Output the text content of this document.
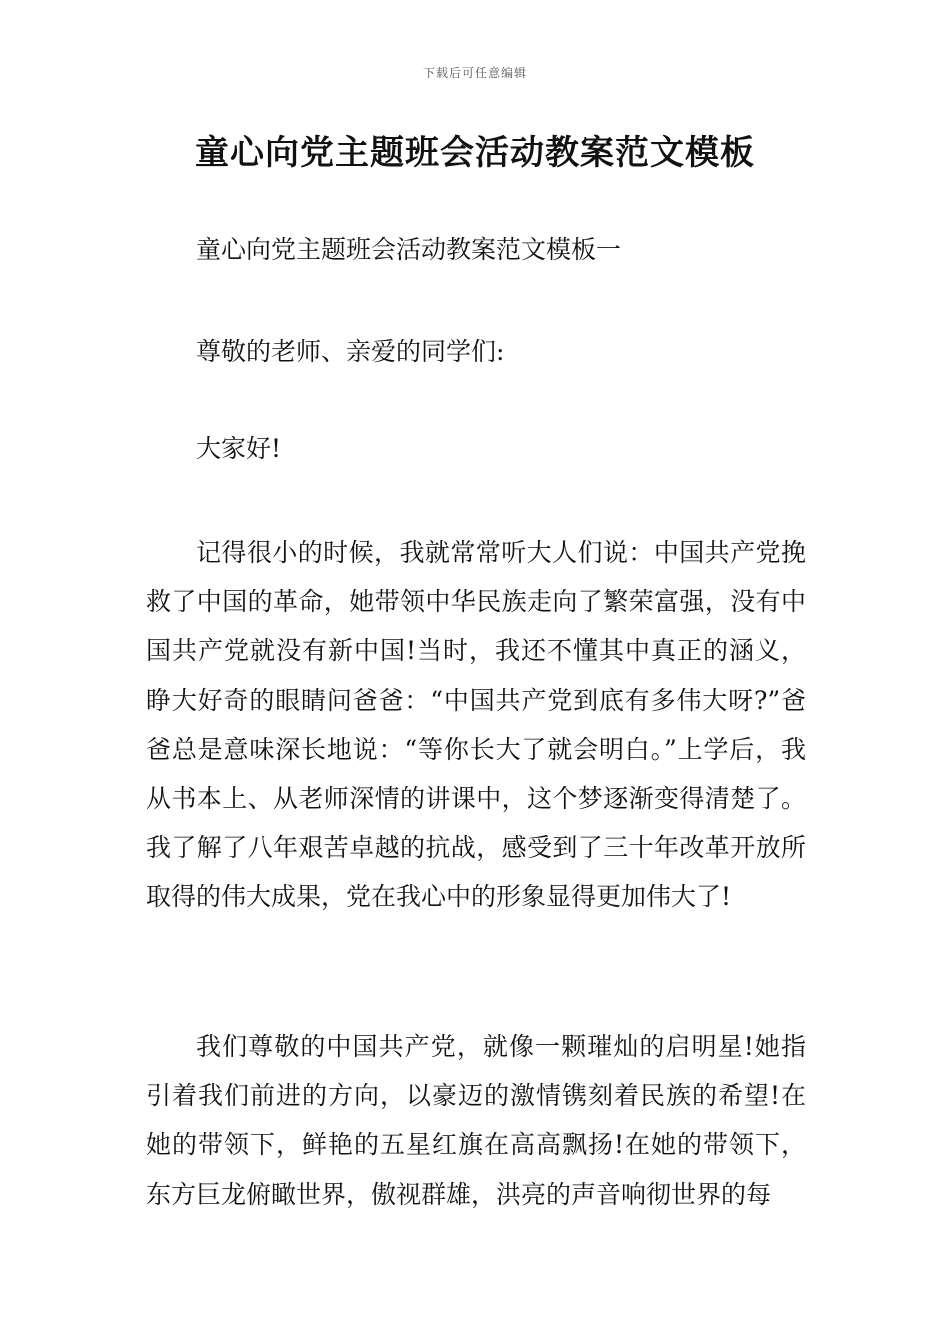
下载后可任意编辑
童心向党主题班会活动教案范文模板
童心向党主题班会活动教案范文模板一
尊敬的老师、亲爱的同学们:
大家好!

记得很小的时候，我就常常听大人们说：中国共产党挽救了中国的革命，她带领中华民族走向了繁荣富强，没有中国共产党就没有新中国!当时，我还不懂其中真正的涵义，睁大好奇的眼睛问爸爸：“中国共产党到底有多伟大呀?”爸爸总是意味深长地说：“等你长大了就会明白。”上学后，我从书本上、从老师深情的讲课中，这个梦逐渐变得清楚了。我了解了八年艰苦卓越的抗战，感受到了三十年改革开放所取得的伟大成果，党在我心中的形象显得更加伟大了!

我们尊敬的中国共产党，就像一颗璀灿的启明星!她指引着我们前进的方向，以豪迈的激情镌刻着民族的希望!在她的带领下，鲜艳的五星红旗在高高飘扬!在她的带领下，东方巨龙俯瞰世界，傲视群雄，洪亮的声音响彻世界的每
